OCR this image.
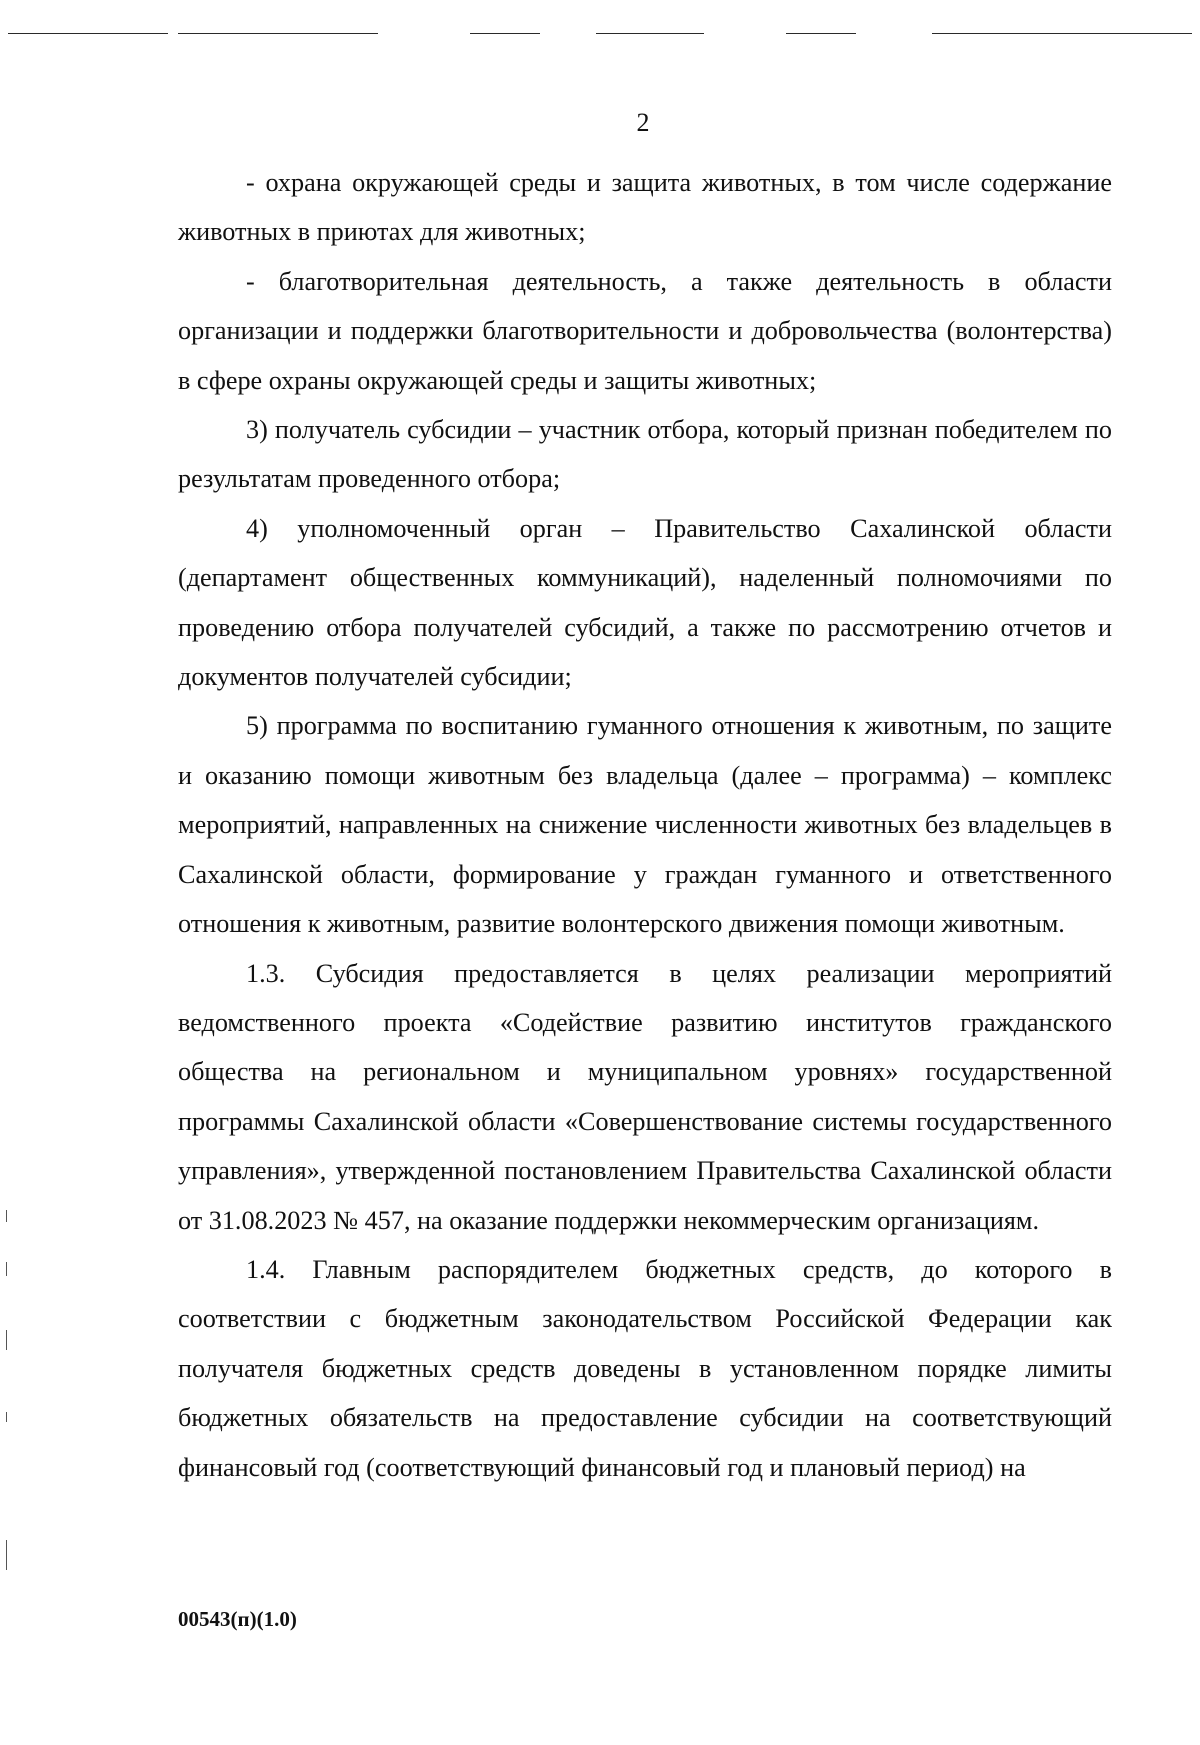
2

- охрана окружающей среды и защита животных, в том числе содержание животных в приютах для животных;

- благотворительная деятельность, а также деятельность в области организации и поддержки благотворительности и добровольчества (волонтерства) в сфере охраны окружающей среды и защиты животных;

3) получатель субсидии – участник отбора, который признан победителем по результатам проведенного отбора;

4) уполномоченный орган – Правительство Сахалинской области (департамент общественных коммуникаций), наделенный полномочиями по проведению отбора получателей субсидий, а также по рассмотрению отчетов и документов получателей субсидии;

5) программа по воспитанию гуманного отношения к животным, по защите и оказанию помощи животным без владельца (далее – программа) – комплекс мероприятий, направленных на снижение численности животных без владельцев в Сахалинской области, формирование у граждан гуманного и ответственного отношения к животным, развитие волонтерского движения помощи животным.

1.3. Субсидия предоставляется в целях реализации мероприятий ведомственного проекта «Содействие развитию институтов гражданского общества на региональном и муниципальном уровнях» государственной программы Сахалинской области «Совершенствование системы государственного управления», утвержденной постановлением Правительства Сахалинской области от 31.08.2023 № 457, на оказание поддержки некоммерческим организациям.

1.4. Главным распорядителем бюджетных средств, до которого в соответствии с бюджетным законодательством Российской Федерации как получателя бюджетных средств доведены в установленном порядке лимиты бюджетных обязательств на предоставление субсидии на соответствующий финансовый год (соответствующий финансовый год и плановый период) на

00543(п)(1.0)
